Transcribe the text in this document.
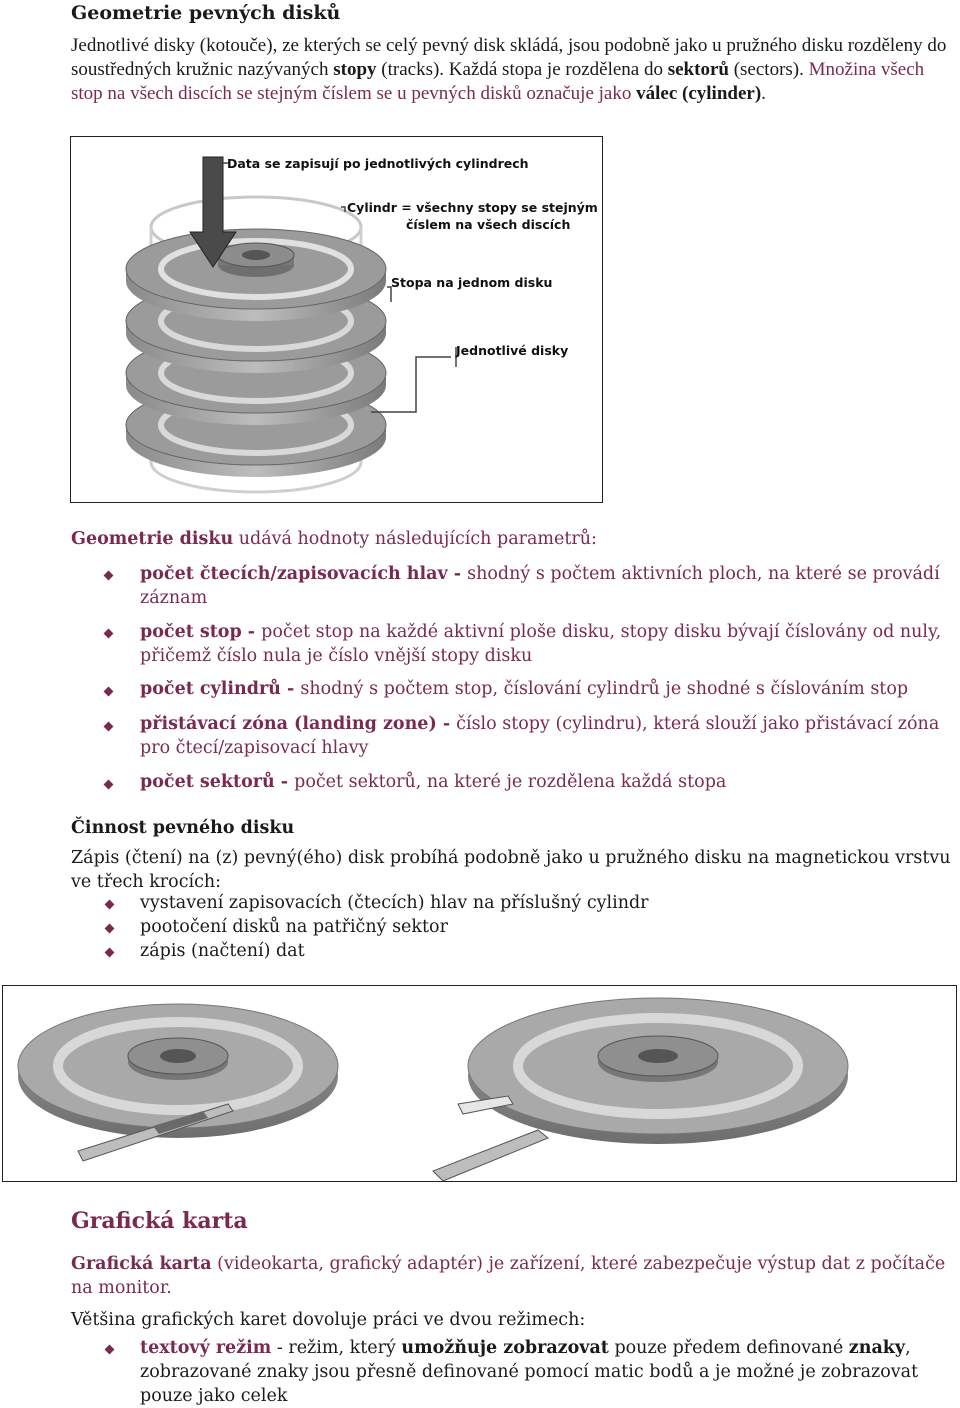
Geometrie pevných disků
Jednotlivé disky (kotouče), ze kterých se celý pevný disk skládá, jsou podobně jako u pružného disku rozděleny do soustředných kružnic nazývaných stopy (tracks). Každá stopa je rozdělena do sektorů (sectors). Množina všech stop na všech discích se stejným číslem se u pevných disků označuje jako válec (cylinder).
Data se zapisují po jednotlivých cylindrech
Cylindr = všechny stopy se stejným
číslem na všech discích
Stopa na jednom disku
Jednotlivé disky
Geometrie disku udává hodnoty následujících parametrů:
počet čtecích/zapisovacích hlav - shodný s počtem aktivních ploch, na které se provádí záznam
počet stop - počet stop na každé aktivní ploše disku, stopy disku bývají číslovány od nuly, přičemž číslo nula je číslo vnější stopy disku
počet cylindrů - shodný s počtem stop, číslování cylindrů je shodné s číslováním stop
přistávací zóna (landing zone) - číslo stopy (cylindru), která slouží jako přistávací zóna pro čtecí/zapisovací hlavy
počet sektorů - počet sektorů, na které je rozdělena každá stopa
Činnost pevného disku
Zápis (čtení) na (z) pevný(ého) disk probíhá podobně jako u pružného disku na magnetickou vrstvu ve třech krocích:
vystavení zapisovacích (čtecích) hlav na příslušný cylindr
pootočení disků na patřičný sektor
zápis (načtení) dat
Grafická karta
Grafická karta (videokarta, grafický adaptér) je zařízení, které zabezpečuje výstup dat z počítače na monitor.
Většina grafických karet dovoluje práci ve dvou režimech:
textový režim - režim, který umožňuje zobrazovat pouze předem definované znaky, zobrazované znaky jsou přesně definované pomocí matic bodů a je možné je zobrazovat pouze jako celek
